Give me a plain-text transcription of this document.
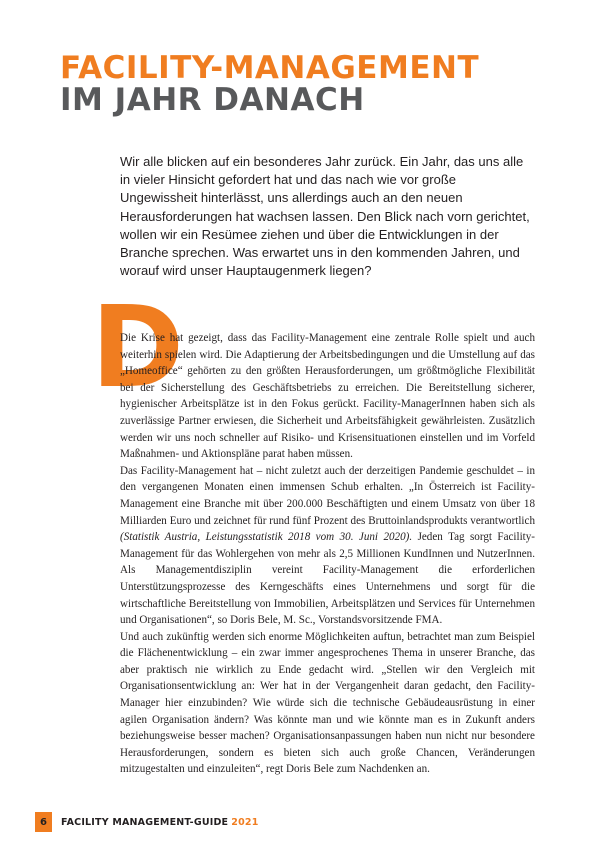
FACILITY-MANAGEMENT
IM JAHR DANACH

Wir alle blicken auf ein besonderes Jahr zurück. Ein Jahr, das uns alle in vieler Hinsicht gefordert hat und das nach wie vor große Ungewissheit hinterlässt, uns allerdings auch an den neuen Herausforderungen hat wachsen lassen. Den Blick nach vorn gerichtet, wollen wir ein Resümee ziehen und über die Entwicklungen in der Branche sprechen. Was erwartet uns in den kommenden Jahren, und worauf wird unser Hauptaugenmerk liegen?

D

Die Krise hat gezeigt, dass das Facility-Management eine zentrale Rolle spielt und auch weiterhin spielen wird. Die Adaptierung der Arbeitsbedingungen und die Umstellung auf das „Homeoffice“ gehörten zu den größten Herausforderungen, um größtmögliche Flexibilität bei der Sicherstellung des Geschäftsbetriebs zu erreichen. Die Bereitstellung sicherer, hygienischer Arbeitsplätze ist in den Fokus gerückt. Facility-ManagerInnen haben sich als zuverlässige Partner erwiesen, die Sicherheit und Arbeitsfähigkeit gewährleisten. Zusätzlich werden wir uns noch schneller auf Risiko- und Krisensituationen einstellen und im Vorfeld Maßnahmen- und Aktionspläne parat haben müssen.

Das Facility-Management hat – nicht zuletzt auch der derzeitigen Pandemie geschuldet – in den vergangenen Monaten einen immensen Schub erhalten. „In Österreich ist Facility-Management eine Branche mit über 200.000 Beschäftigten und einem Umsatz von über 18 Milliarden Euro und zeichnet für rund fünf Prozent des Bruttoinlandsprodukts verantwortlich (Statistik Austria, Leistungsstatistik 2018 vom 30. Juni 2020). Jeden Tag sorgt Facility-Management für das Wohlergehen von mehr als 2,5 Millionen KundInnen und NutzerInnen. Als Managementdisziplin vereint Facility-Management die erforderlichen Unterstützungsprozesse des Kerngeschäfts eines Unternehmens und sorgt für die wirtschaftliche Bereitstellung von Immobilien, Arbeitsplätzen und Services für Unternehmen und Organisationen“, so Doris Bele, M. Sc., Vorstandsvorsitzende FMA.

Und auch zukünftig werden sich enorme Möglichkeiten auftun, betrachtet man zum Beispiel die Flächenentwicklung – ein zwar immer angesprochenes Thema in unserer Branche, das aber praktisch nie wirklich zu Ende gedacht wird. „Stellen wir den Vergleich mit Organisationsentwicklung an: Wer hat in der Vergangenheit daran gedacht, den Facility-Manager hier einzubinden? Wie würde sich die technische Gebäudeausrüstung in einer agilen Organisation ändern? Was könnte man und wie könnte man es in Zukunft anders beziehungsweise besser machen? Organisationsanpassungen haben nun nicht nur besondere Herausforderungen, sondern es bieten sich auch große Chancen, Veränderungen mitzugestalten und einzuleiten“, regt Doris Bele zum Nachdenken an.

6	FACILITY MANAGEMENT-GUIDE 2021
